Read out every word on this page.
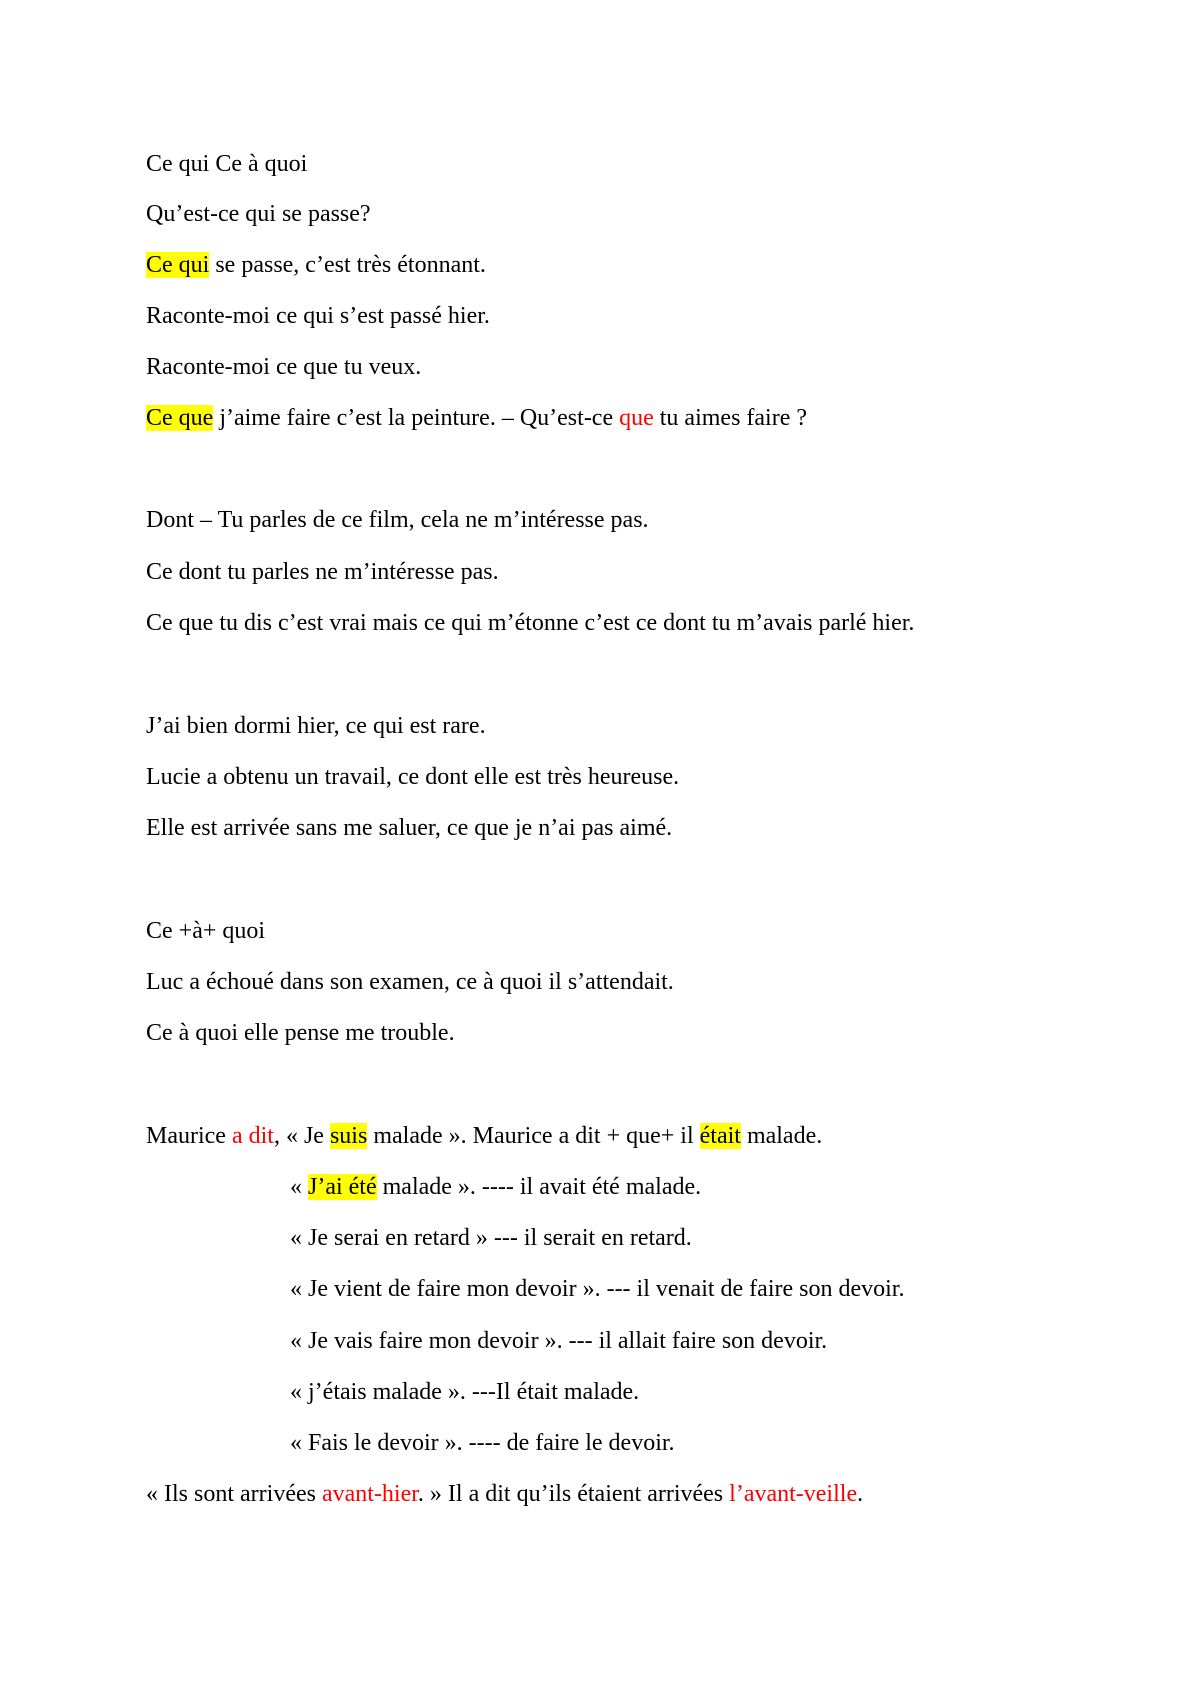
Ce qui Ce à quoi
Qu’est-ce qui se passe?
Ce qui se passe, c’est très étonnant.
Raconte-moi ce qui s’est passé hier.
Raconte-moi ce que tu veux.
Ce que j’aime faire c’est la peinture. – Qu’est-ce que tu aimes faire ?
Dont – Tu parles de ce film, cela ne m’intéresse pas.
Ce dont tu parles ne m’intéresse pas.
Ce que tu dis c’est vrai mais ce qui m’étonne c’est ce dont tu m’avais parlé hier.
J’ai bien dormi hier, ce qui est rare.
Lucie a obtenu un travail, ce dont elle est très heureuse.
Elle est arrivée sans me saluer, ce que je n’ai pas aimé.
Ce +à+ quoi
Luc a échoué dans son examen, ce à quoi il s’attendait.
Ce à quoi elle pense me trouble.
Maurice a dit, « Je suis malade ». Maurice a dit + que+ il était malade.
« J’ai été malade ». ---- il avait été malade.
« Je serai en retard » --- il serait en retard.
« Je vient de faire mon devoir ». --- il venait de faire son devoir.
« Je vais faire mon devoir ». --- il allait faire son devoir.
« j’étais malade ». ---Il était malade.
« Fais le devoir ». ---- de faire le devoir.
« Ils sont arrivées avant-hier. » Il a dit qu’ils étaient arrivées l’avant-veille.
